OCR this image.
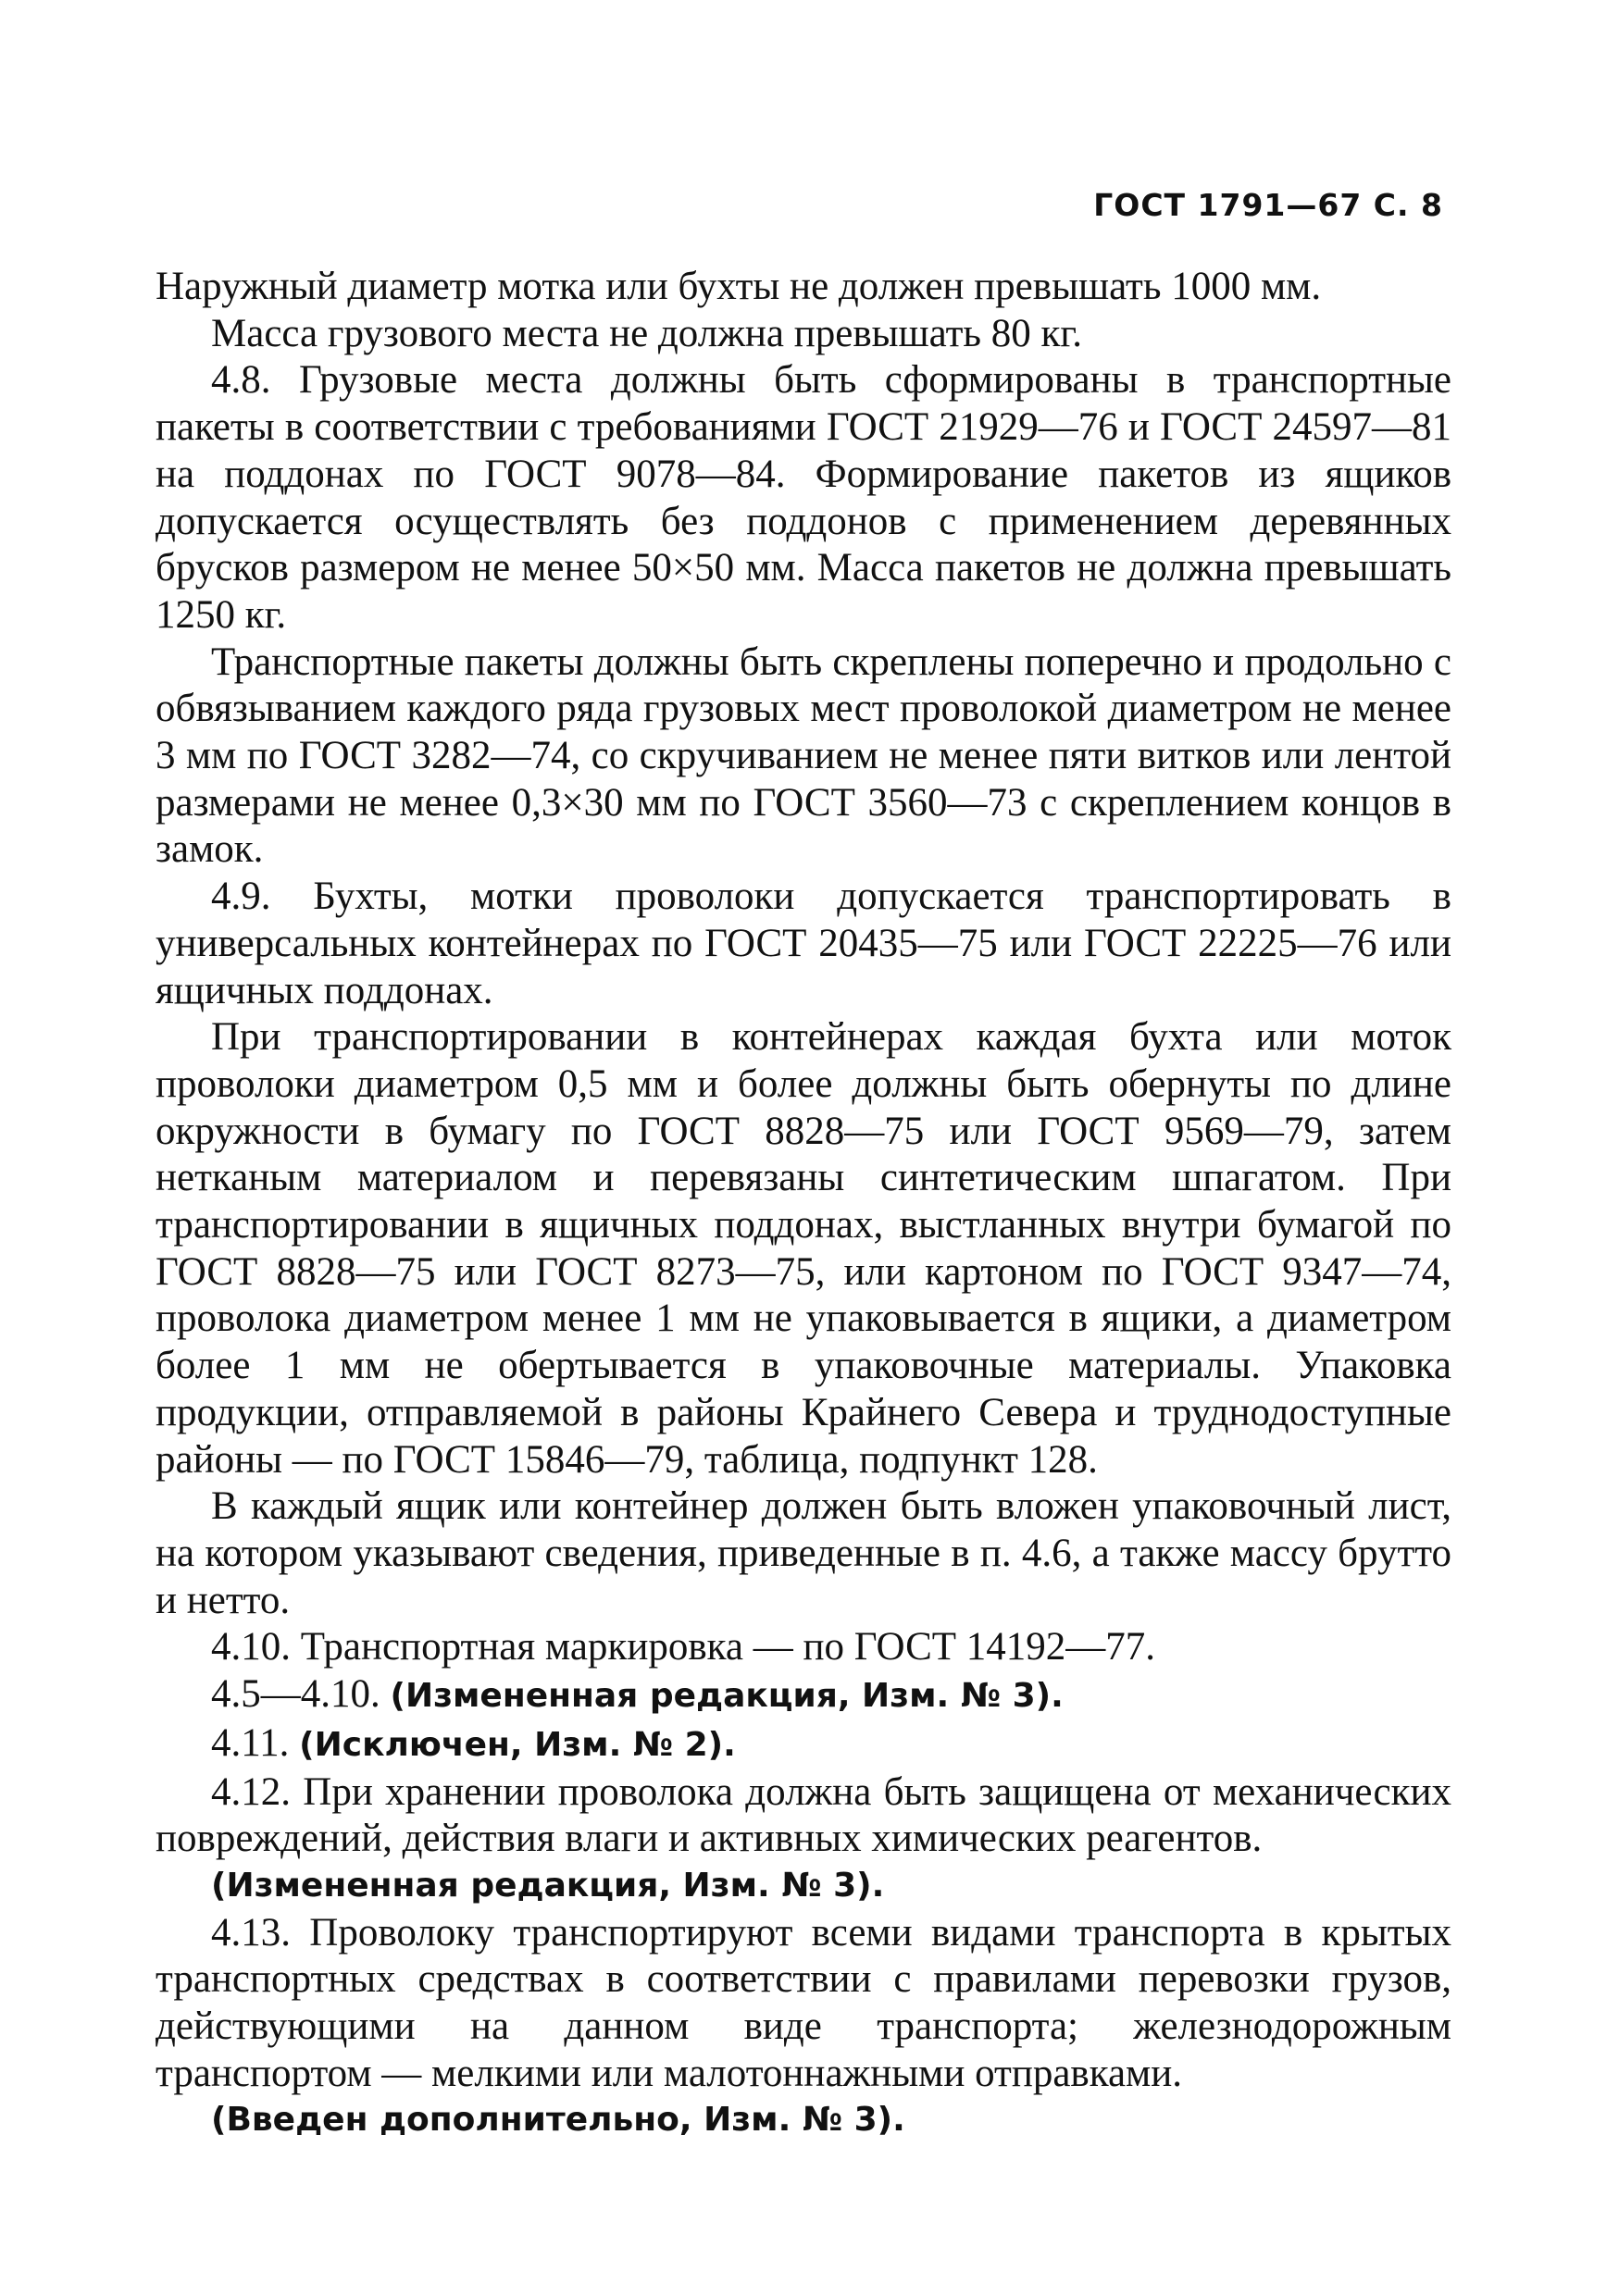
ГОСТ 1791—67 С. 8

Наружный диаметр мотка или бухты не должен превышать 1000 мм.

Масса грузового места не должна превышать 80 кг.

4.8. Грузовые места должны быть сформированы в транспортные пакеты в соответствии с требованиями ГОСТ 21929—76 и ГОСТ 24597—81 на поддонах по ГОСТ 9078—84. Формирование пакетов из ящиков допускается осуществлять без поддонов с применением деревянных брусков размером не менее 50×50 мм. Масса пакетов не должна превышать 1250 кг.

Транспортные пакеты должны быть скреплены поперечно и продольно с обвязыванием каждого ряда грузовых мест проволокой диаметром не менее 3 мм по ГОСТ 3282—74, со скручиванием не менее пяти витков или лентой размерами не менее 0,3×30 мм по ГОСТ 3560—73 с скреплением концов в замок.

4.9. Бухты, мотки проволоки допускается транспортировать в универсальных контейнерах по ГОСТ 20435—75 или ГОСТ 22225—76 или ящичных поддонах.

При транспортировании в контейнерах каждая бухта или моток проволоки диаметром 0,5 мм и более должны быть обернуты по длине окружности в бумагу по ГОСТ 8828—75 или ГОСТ 9569—79, затем нетканым материалом и перевязаны синтетическим шпагатом. При транспортировании в ящичных поддонах, выстланных внутри бумагой по ГОСТ 8828—75 или ГОСТ 8273—75, или картоном по ГОСТ 9347—74, проволока диаметром менее 1 мм не упаковывается в ящики, а диаметром более 1 мм не обертывается в упаковочные материалы. Упаковка продукции, отправляемой в районы Крайнего Севера и труднодоступные районы — по ГОСТ 15846—79, таблица, подпункт 128.

В каждый ящик или контейнер должен быть вложен упаковочный лист, на котором указывают сведения, приведенные в п. 4.6, а также массу брутто и нетто.

4.10. Транспортная маркировка — по ГОСТ 14192—77.

4.5—4.10. (Измененная редакция, Изм. № 3).

4.11. (Исключен, Изм. № 2).

4.12. При хранении проволока должна быть защищена от механических повреждений, действия влаги и активных химических реагентов.

(Измененная редакция, Изм. № 3).

4.13. Проволоку транспортируют всеми видами транспорта в крытых транспортных средствах в соответствии с правилами перевозки грузов, действующими на данном виде транспорта; железнодорожным транспортом — мелкими или малотоннажными отправками.

(Введен дополнительно, Изм. № 3).
